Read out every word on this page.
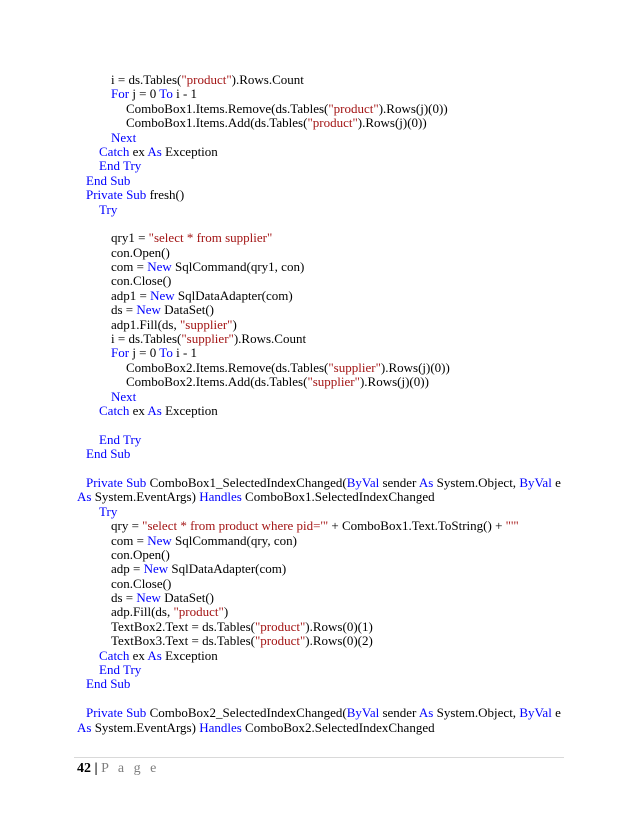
i = ds.Tables("product").Rows.Count
For j = 0 To i - 1
ComboBox1.Items.Remove(ds.Tables("product").Rows(j)(0))
ComboBox1.Items.Add(ds.Tables("product").Rows(j)(0))
Next
Catch ex As Exception
End Try
End Sub
Private Sub fresh()
Try
qry1 = "select * from supplier"
con.Open()
com = New SqlCommand(qry1, con)
con.Close()
adp1 = New SqlDataAdapter(com)
ds = New DataSet()
adp1.Fill(ds, "supplier")
i = ds.Tables("supplier").Rows.Count
For j = 0 To i - 1
ComboBox2.Items.Remove(ds.Tables("supplier").Rows(j)(0))
ComboBox2.Items.Add(ds.Tables("supplier").Rows(j)(0))
Next
Catch ex As Exception
End Try
End Sub
Private Sub ComboBox1_SelectedIndexChanged(ByVal sender As System.Object, ByVal e
As System.EventArgs) Handles ComboBox1.SelectedIndexChanged
Try
qry = "select * from product where pid='" + ComboBox1.Text.ToString() + "'"
com = New SqlCommand(qry, con)
con.Open()
adp = New SqlDataAdapter(com)
con.Close()
ds = New DataSet()
adp.Fill(ds, "product")
TextBox2.Text = ds.Tables("product").Rows(0)(1)
TextBox3.Text = ds.Tables("product").Rows(0)(2)
Catch ex As Exception
End Try
End Sub
Private Sub ComboBox2_SelectedIndexChanged(ByVal sender As System.Object, ByVal e
As System.EventArgs) Handles ComboBox2.SelectedIndexChanged
42 | P a g e
